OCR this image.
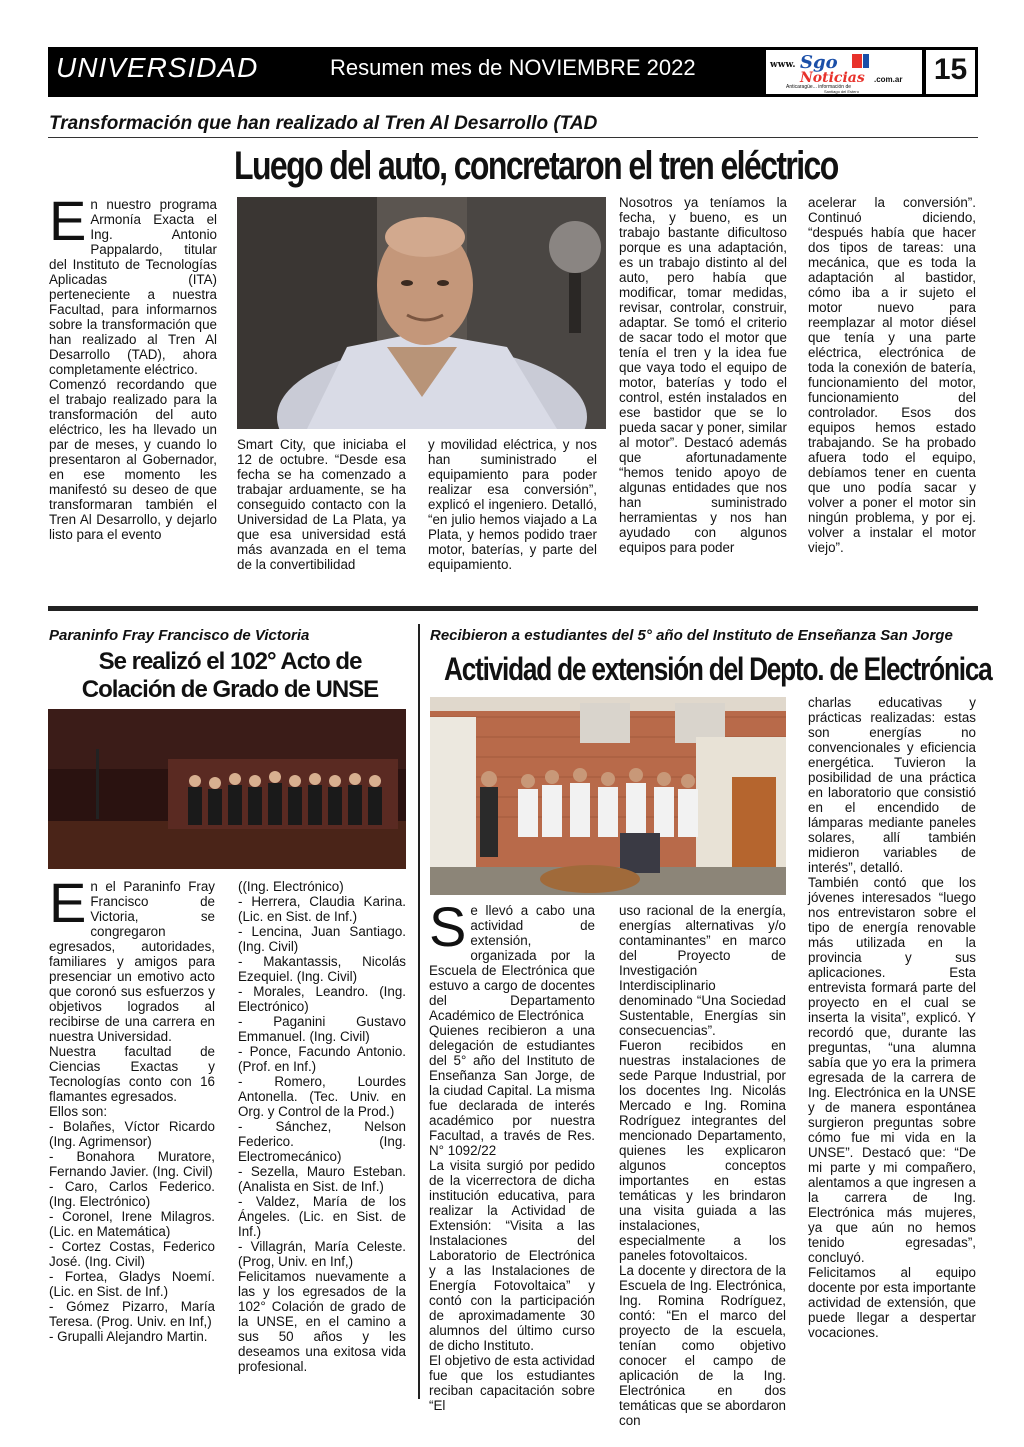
UNIVERSIDAD	Resumen mes de NOVIEMBRE 2022	www. Sgo
Noticias .com.ar
Anticaragüe... información de
Santiago del Estero
15
Transformación que han realizado al Tren Al Desarrollo (TAD
Luego del auto, concretaron el tren eléctrico
E n nuestro programa Armonía Exacta el Ing. Antonio Pappalardo, titular del Instituto de Tecnologías Aplicadas (ITA) perteneciente a nuestra Facultad, para informarnos sobre la transformación que han realizado al Tren Al Desarrollo (TAD), ahora completamente eléctrico.

Comenzó recordando que el trabajo realizado para la transformación del auto eléctrico, les ha llevado un par de meses, y cuando lo presentaron al Gobernador, en ese momento les manifestó su deseo de que transformaran también el Tren Al Desarrollo, y dejarlo listo para el evento

Smart City, que iniciaba el 12 de octubre. “Desde esa fecha se ha comenzado a trabajar arduamente, se ha conseguido contacto con la Universidad de La Plata, ya que esa universidad está más avanzada en el tema de la convertibilidad

y movilidad eléctrica, y nos han suministrado el equipamiento para poder realizar esa conversión”, explicó el ingeniero. Detalló, “en julio hemos viajado a La Plata, y hemos podido traer motor, baterías, y parte del equipamiento.

Nosotros ya teníamos la fecha, y bueno, es un trabajo bastante dificultoso porque es una adaptación, es un trabajo distinto al del auto, pero había que modificar, tomar medidas, revisar, controlar, construir, adaptar. Se tomó el criterio de sacar todo el motor que tenía el tren y la idea fue que vaya todo el equipo de motor, baterías y todo el control, estén instalados en ese bastidor que se lo pueda sacar y poner, similar al motor”. Destacó además que afortunadamente “hemos tenido apoyo de algunas entidades que nos han suministrado herramientas y nos han ayudado con algunos equipos para poder

acelerar la conversión”. Continuó diciendo, “después había que hacer dos tipos de tareas: una mecánica, que es toda la adaptación al bastidor, cómo iba a ir sujeto el motor nuevo para reemplazar al motor diésel que tenía y una parte eléctrica, electrónica de toda la conexión de batería, funcionamiento del motor, funcionamiento del controlador. Esos dos equipos hemos estado trabajando. Se ha probado afuera todo el equipo, debíamos tener en cuenta que uno podía sacar y volver a poner el motor sin ningún problema, y por ej. volver a instalar el motor viejo”.

Paraninfo Fray Francisco de Victoria
Se realizó el 102° Acto de
Colación de Grado de UNSE
E n el Paraninfo Fray Francisco de Victoria, se congregaron egresados, autoridades, familiares y amigos para presenciar un emotivo acto que coronó sus esfuerzos y objetivos logrados al recibirse de una carrera en nuestra Universidad.

Nuestra facultad de Ciencias Exactas y Tecnologías conto con 16 flamantes egresados.

Ellos son:

- Bolañes, Víctor Ricardo (Ing. Agrimensor)

- Bonahora Muratore, Fernando Javier. (Ing. Civil)

- Caro, Carlos Federico. (Ing. Electrónico)

- Coronel, Irene Milagros. (Lic. en Matemática)

- Cortez Costas, Federico José. (Ing. Civil)

- Fortea, Gladys Noemí. (Lic. en Sist. de Inf.)

- Gómez Pizarro, María Teresa. (Prog. Univ. en Inf,)

- Grupalli Alejandro Martin.

((Ing. Electrónico)

- Herrera, Claudia Karina. (Lic. en Sist. de Inf.)

- Lencina, Juan Santiago. (Ing. Civil)

- Makantassis, Nicolás Ezequiel. (Ing. Civil)

- Morales, Leandro. (Ing. Electrónico)

- Paganini Gustavo Emmanuel. (Ing. Civil)

- Ponce, Facundo Antonio. (Prof. en Inf.)

- Romero, Lourdes Antonella. (Tec. Univ. en Org. y Control de la Prod.)

- Sánchez, Nelson Federico. (Ing. Electromecánico)

- Sezella, Mauro Esteban. (Analista en Sist. de Inf.)

- Valdez, María de los Ángeles. (Lic. en Sist. de Inf.)

- Villagrán, María Celeste. (Prog, Univ. en Inf,)

Felicitamos nuevamente a las y los egresados de la 102° Colación de grado de la UNSE, en el camino a sus 50 años y les deseamos una exitosa vida profesional.

Recibieron a estudiantes del 5° año del Instituto de Enseñanza San Jorge
Actividad de extensión del Depto. de Electrónica
S e llevó a cabo una actividad de extensión, organizada por la Escuela de Electrónica que estuvo a cargo de docentes del Departamento Académico de Electrónica

Quienes recibieron a una delegación de estudiantes del 5° año del Instituto de Enseñanza San Jorge, de la ciudad Capital. La misma fue declarada de interés académico por nuestra Facultad, a través de Res. N° 1092/22

La visita surgió por pedido de la vicerrectora de dicha institución educativa, para realizar la Actividad de Extensión: “Visita a las Instalaciones del Laboratorio de Electrónica y a las Instalaciones de Energía Fotovoltaica” y contó con la participación de aproximadamente 30 alumnos del último curso de dicho Instituto.

El objetivo de esta actividad fue que los estudiantes reciban capacitación sobre “El

uso racional de la energía, energías alternativas y/o contaminantes” en marco del Proyecto de Investigación Interdisciplinario denominado “Una Sociedad Sustentable, Energías sin consecuencias”.

Fueron recibidos en nuestras instalaciones de sede Parque Industrial, por los docentes Ing. Nicolás Mercado e Ing. Romina Rodríguez integrantes del mencionado Departamento, quienes les explicaron algunos conceptos importantes en estas temáticas y les brindaron una visita guiada a las instalaciones, especialmente a los paneles fotovoltaicos.

La docente y directora de la Escuela de Ing. Electrónica, Ing. Romina Rodríguez, contó: “En el marco del proyecto de la escuela, tenían como objetivo conocer el campo de aplicación de la Ing. Electrónica en dos temáticas que se abordaron con

charlas educativas y prácticas realizadas: estas son energías no convencionales y eficiencia energética. Tuvieron la posibilidad de una práctica en laboratorio que consistió en el encendido de lámparas mediante paneles solares, allí también midieron variables de interés”, detalló.

También contó que los jóvenes interesados “luego nos entrevistaron sobre el tipo de energía renovable más utilizada en la provincia y sus aplicaciones. Esta entrevista formará parte del proyecto en el cual se inserta la visita”, explicó. Y recordó que, durante las preguntas, “una alumna sabía que yo era la primera egresada de la carrera de Ing. Electrónica en la UNSE y de manera espontánea surgieron preguntas sobre cómo fue mi vida en la UNSE”. Destacó que: “De mi parte y mi compañero, alentamos a que ingresen a la carrera de Ing. Electrónica más mujeres, ya que aún no hemos tenido egresadas”, concluyó.

Felicitamos al equipo docente por esta importante actividad de extensión, que puede llegar a despertar vocaciones.
